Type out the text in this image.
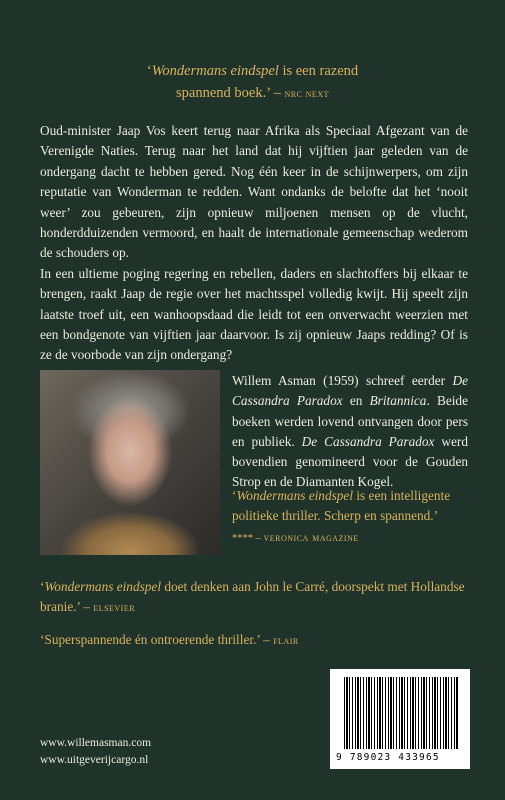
‘Wondermans eindspel is een razend
spannend boek.’ – nrc next

Oud-minister Jaap Vos keert terug naar Afrika als Speciaal Afgezant van de Verenigde Naties. Terug naar het land dat hij vijftien jaar geleden van de ondergang dacht te hebben gered. Nog één keer in de schijnwerpers, om zijn reputatie van Wonderman te redden. Want ondanks de belofte dat het ‘nooit weer’ zou gebeuren, zijn opnieuw miljoenen mensen op de vlucht, honderdduizenden vermoord, en haalt de internationale gemeenschap wederom de schouders op.

In een ultieme poging regering en rebellen, daders en slachtoffers bij elkaar te brengen, raakt Jaap de regie over het machtsspel volledig kwijt. Hij speelt zijn laatste troef uit, een wanhoopsdaad die leidt tot een onverwacht weerzien met een bondgenote van vijftien jaar daarvoor. Is zij opnieuw Jaaps redding? Of is ze de voorbode van zijn ondergang?

Willem Asman (1959) schreef eerder De Cassandra Paradox en Britannica. Beide boeken werden lovend ontvangen door pers en publiek. De Cassandra Paradox werd bovendien genomineerd voor de Gouden Strop en de Diamanten Kogel.
‘Wondermans eindspel is een intelligente politieke thriller. Scherp en spannend.’
**** – veronica magazine
‘Wondermans eindspel doet denken aan John le Carré, doorspekt met Hollandse branie.’ – elsevier
‘Superspannende én ontroerende thriller.’ – flair
www.willemasman.com
www.uitgeverijcargo.nl	9 789023 433965
